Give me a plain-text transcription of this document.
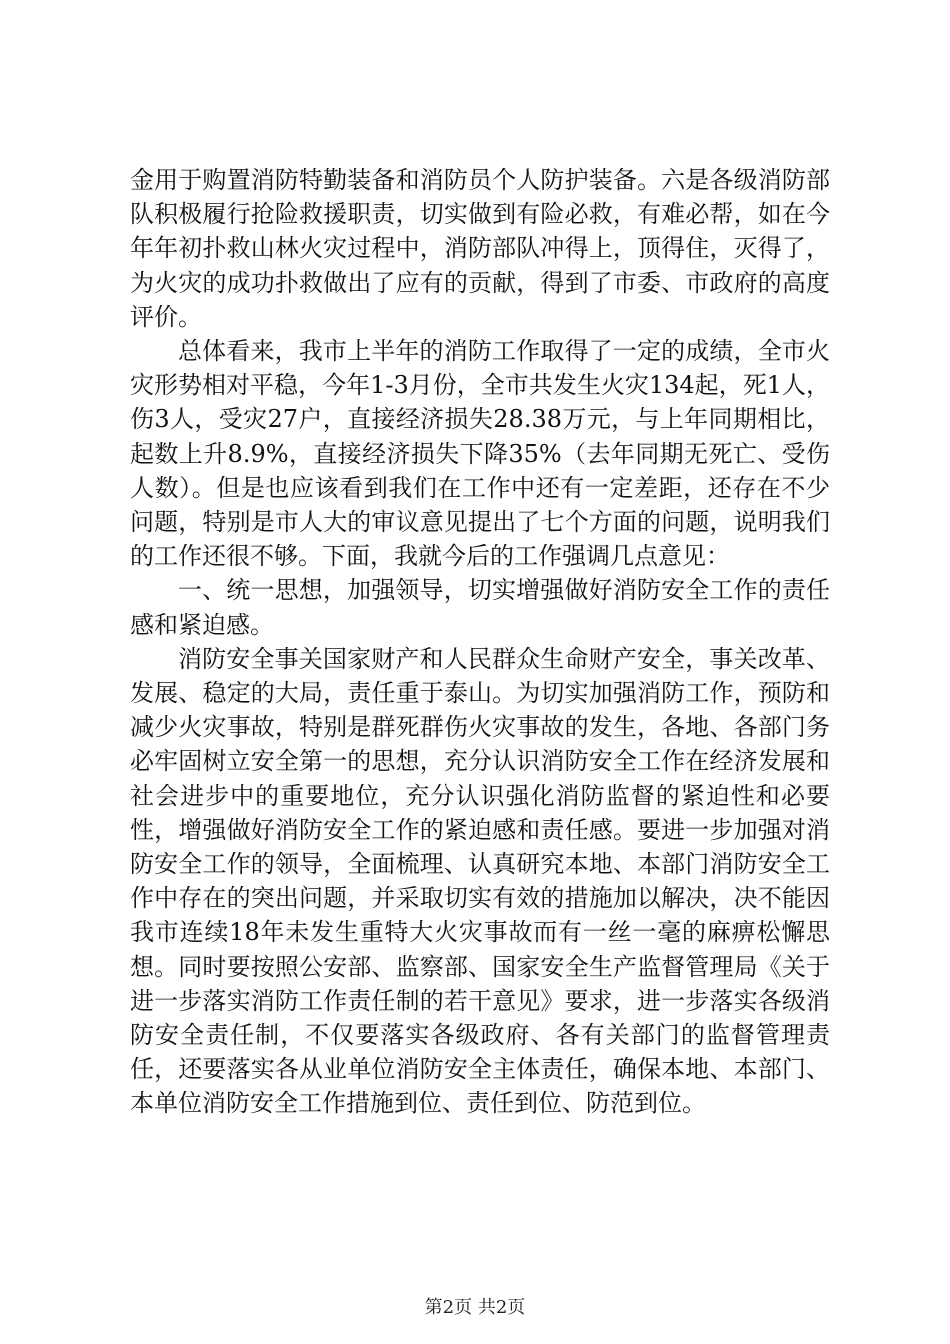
金用于购置消防特勤装备和消防员个人防护装备。六是各级消防部队积极履行抢险救援职责，切实做到有险必救，有难必帮，如在今年年初扑救山林火灾过程中，消防部队冲得上，顶得住，灭得了，为火灾的成功扑救做出了应有的贡献，得到了市委、市政府的高度评价。

总体看来，我市上半年的消防工作取得了一定的成绩，全市火灾形势相对平稳，今年1-3月份，全市共发生火灾134起，死1人，伤3人，受灾27户，直接经济损失28.38万元，与上年同期相比，起数上升8.9%，直接经济损失下降35%（去年同期无死亡、受伤人数）。但是也应该看到我们在工作中还有一定差距，还存在不少问题，特别是市人大的审议意见提出了七个方面的问题，说明我们的工作还很不够。下面，我就今后的工作强调几点意见：

一、统一思想，加强领导，切实增强做好消防安全工作的责任感和紧迫感。

消防安全事关国家财产和人民群众生命财产安全，事关改革、发展、稳定的大局，责任重于泰山。为切实加强消防工作，预防和减少火灾事故，特别是群死群伤火灾事故的发生，各地、各部门务必牢固树立安全第一的思想，充分认识消防安全工作在经济发展和社会进步中的重要地位，充分认识强化消防监督的紧迫性和必要性，增强做好消防安全工作的紧迫感和责任感。要进一步加强对消防安全工作的领导，全面梳理、认真研究本地、本部门消防安全工作中存在的突出问题，并采取切实有效的措施加以解决，决不能因我市连续18年未发生重特大火灾事故而有一丝一毫的麻痹松懈思想。同时要按照公安部、监察部、国家安全生产监督管理局《关于进一步落实消防工作责任制的若干意见》要求，进一步落实各级消防安全责任制，不仅要落实各级政府、各有关部门的监督管理责任，还要落实各从业单位消防安全主体责任，确保本地、本部门、本单位消防安全工作措施到位、责任到位、防范到位。

第2页 共2页
